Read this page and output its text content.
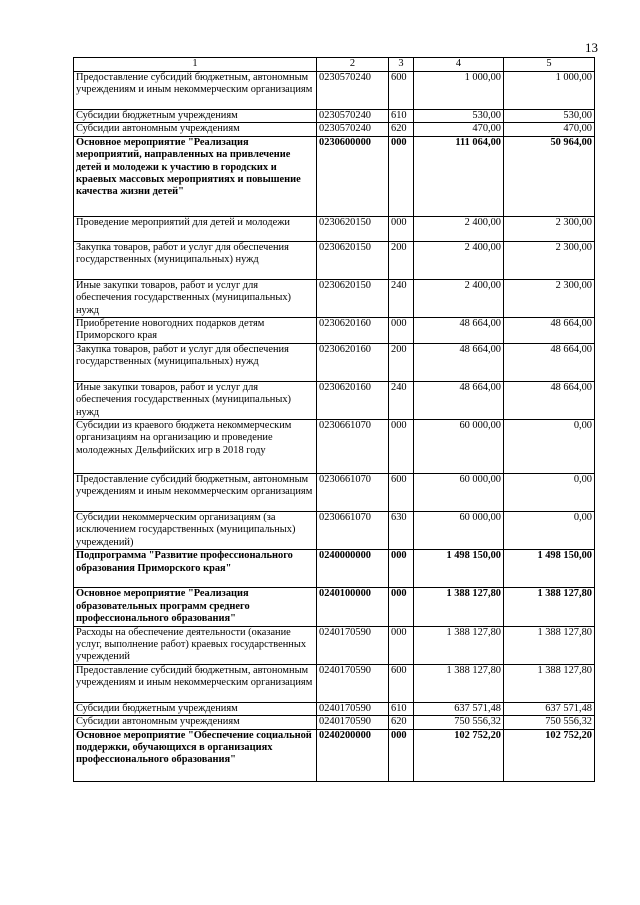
13
1	2	3	4	5
Предоставление субсидий бюджетным, автономным учреждениям и иным некоммерческим организациям	0230570240	600	1 000,00	1 000,00
Субсидии бюджетным учреждениям	0230570240	610	530,00	530,00
Субсидии автономным учреждениям	0230570240	620	470,00	470,00
Основное мероприятие "Реализация мероприятий, направленных на привлечение детей и молодежи к участию в городских и краевых массовых мероприятиях и повышение качества жизни детей"	0230600000	000	111 064,00	50 964,00
Проведение мероприятий для детей и молодежи	0230620150	000	2 400,00	2 300,00
Закупка товаров, работ и услуг для обеспечения государственных (муниципальных) нужд	0230620150	200	2 400,00	2 300,00
Иные закупки товаров, работ и услуг для обеспечения государственных (муниципальных) нужд	0230620150	240	2 400,00	2 300,00
Приобретение новогодних подарков детям Приморского края	0230620160	000	48 664,00	48 664,00
Закупка товаров, работ и услуг для обеспечения государственных (муниципальных) нужд	0230620160	200	48 664,00	48 664,00
Иные закупки товаров, работ и услуг для обеспечения государственных (муниципальных) нужд	0230620160	240	48 664,00	48 664,00
Субсидии из краевого бюджета некоммерческим организациям на организацию и проведение молодежных Дельфийских игр в 2018 году	0230661070	000	60 000,00	0,00
Предоставление субсидий бюджетным, автономным учреждениям и иным некоммерческим организациям	0230661070	600	60 000,00	0,00
Субсидии некоммерческим организациям (за исключением государственных (муниципальных) учреждений)	0230661070	630	60 000,00	0,00
Подпрограмма "Развитие профессионального образования Приморского края"	0240000000	000	1 498 150,00	1 498 150,00
Основное мероприятие "Реализация образовательных программ среднего профессионального образования"	0240100000	000	1 388 127,80	1 388 127,80
Расходы на обеспечение деятельности (оказание услуг, выполнение работ) краевых государственных учреждений	0240170590	000	1 388 127,80	1 388 127,80
Предоставление субсидий бюджетным, автономным учреждениям и иным некоммерческим организациям	0240170590	600	1 388 127,80	1 388 127,80
Субсидии бюджетным учреждениям	0240170590	610	637 571,48	637 571,48
Субсидии автономным учреждениям	0240170590	620	750 556,32	750 556,32
Основное мероприятие "Обеспечение социальной поддержки, обучающихся в организациях профессионального образования"	0240200000	000	102 752,20	102 752,20
